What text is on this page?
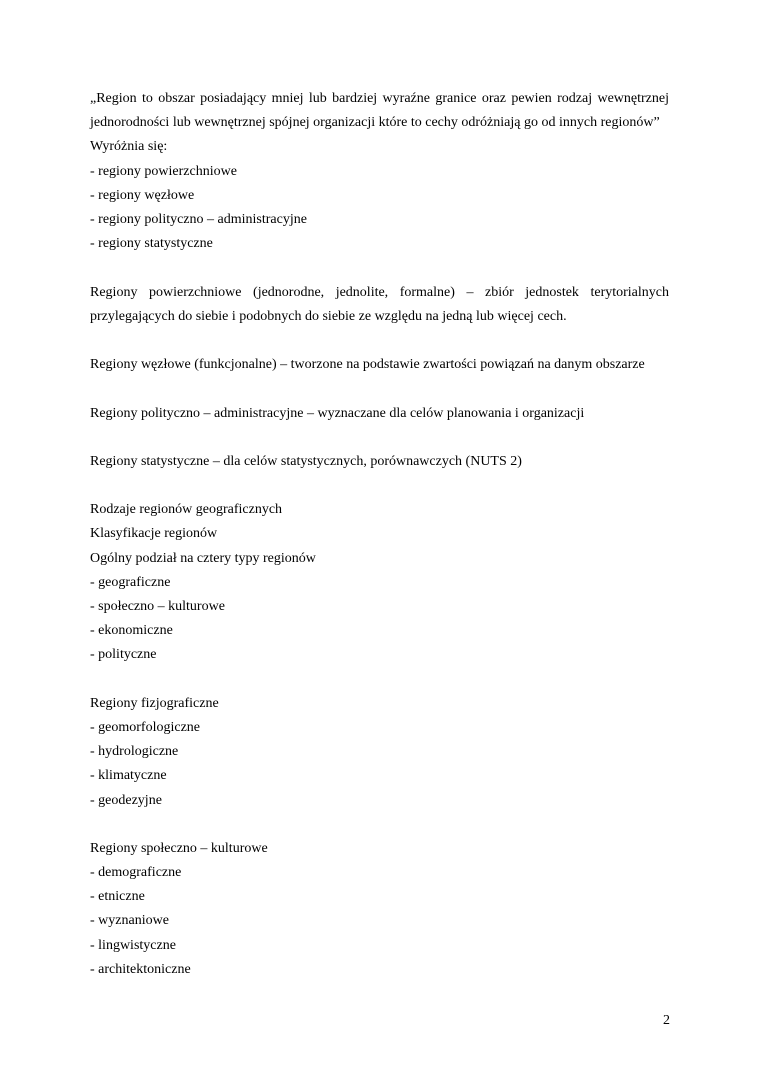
„Region to obszar posiadający mniej lub bardziej wyraźne granice oraz pewien rodzaj wewnętrznej jednorodności lub wewnętrznej spójnej organizacji które to cechy odróżniają go od innych regionów”
Wyróżnia się:
- regiony powierzchniowe
- regiony węzłowe
- regiony polityczno – administracyjne
- regiony statystyczne
Regiony powierzchniowe (jednorodne, jednolite, formalne) – zbiór jednostek terytorialnych przylegających do siebie i podobnych do siebie ze względu na jedną lub więcej cech.
Regiony węzłowe (funkcjonalne) – tworzone na podstawie zwartości powiązań na danym obszarze
Regiony polityczno – administracyjne – wyznaczane dla celów planowania i organizacji
Regiony statystyczne – dla celów statystycznych, porównawczych (NUTS 2)
Rodzaje regionów geograficznych
Klasyfikacje regionów
Ogólny podział na cztery typy regionów
- geograficzne
- społeczno – kulturowe
- ekonomiczne
- polityczne
Regiony fizjograficzne
- geomorfologiczne
- hydrologiczne
- klimatyczne
- geodezyjne
Regiony społeczno – kulturowe
- demograficzne
- etniczne
- wyznaniowe
- lingwistyczne
- architektoniczne
2
